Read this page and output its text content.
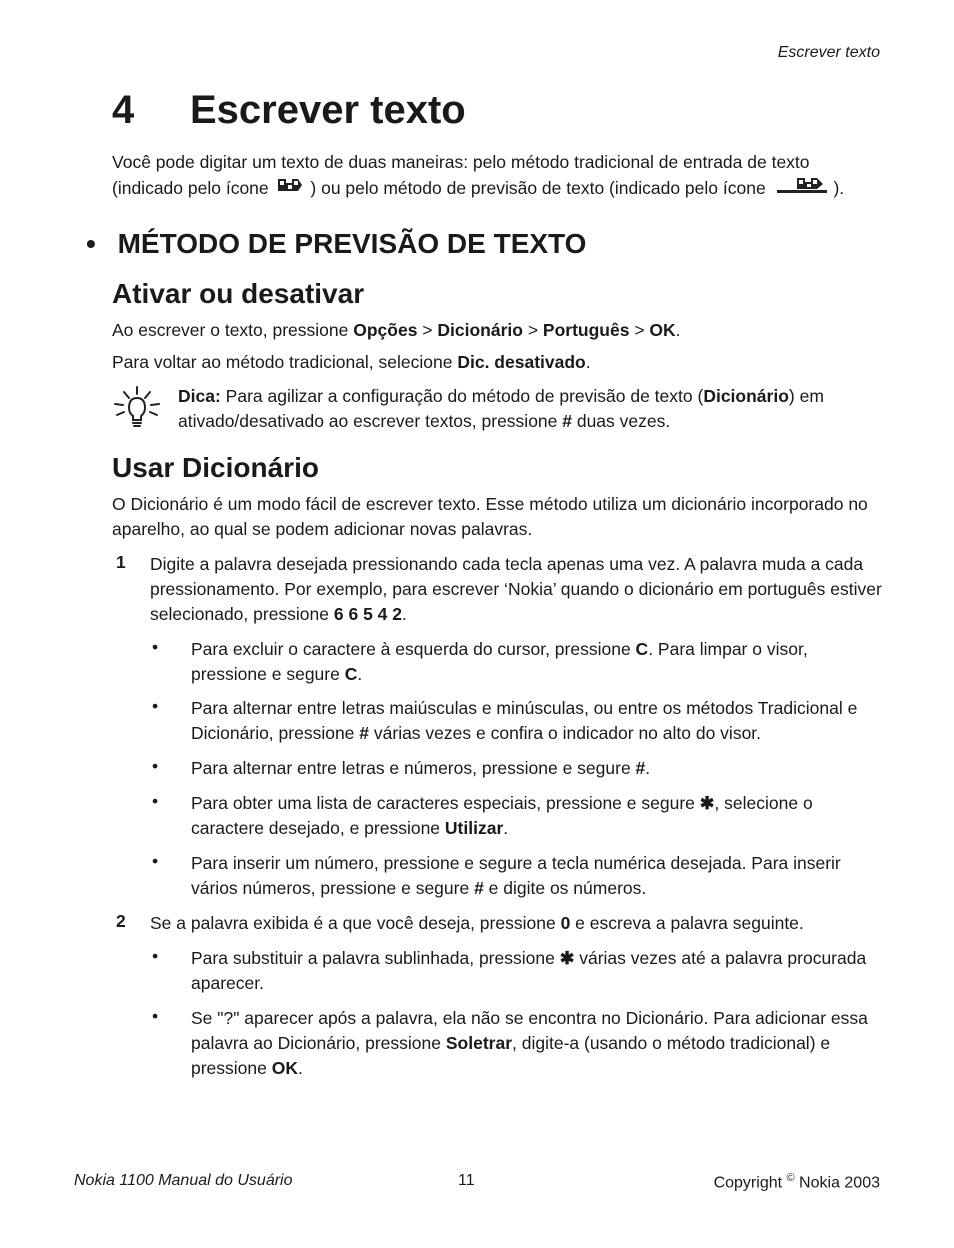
Escrever texto
4 Escrever texto
Você pode digitar um texto de duas maneiras: pelo método tradicional de entrada de texto (indicado pelo ícone ) ou pelo método de previsão de texto (indicado pelo ícone	).
• MÉTODO DE PREVISÃO DE TEXTO
Ativar ou desativar
Ao escrever o texto, pressione Opções > Dicionário > Português > OK.
Para voltar ao método tradicional, selecione Dic. desativado.
Dica: Para agilizar a configuração do método de previsão de texto (Dicionário) em ativado/desativado ao escrever textos, pressione # duas vezes.
Usar Dicionário
O Dicionário é um modo fácil de escrever texto. Esse método utiliza um dicionário incorporado no aparelho, ao qual se podem adicionar novas palavras.
1 Digite a palavra desejada pressionando cada tecla apenas uma vez. A palavra muda a cada pressionamento. Por exemplo, para escrever ‘Nokia’ quando o dicionário em português estiver selecionado, pressione 6 6 5 4 2.
• Para excluir o caractere à esquerda do cursor, pressione C. Para limpar o visor, pressione e segure C.
• Para alternar entre letras maiúsculas e minúsculas, ou entre os métodos Tradicional e Dicionário, pressione # várias vezes e confira o indicador no alto do visor.
• Para alternar entre letras e números, pressione e segure #.
• Para obter uma lista de caracteres especiais, pressione e segure ✱, selecione o caractere desejado, e pressione Utilizar.
• Para inserir um número, pressione e segure a tecla numérica desejada. Para inserir vários números, pressione e segure # e digite os números.
2 Se a palavra exibida é a que você deseja, pressione 0 e escreva a palavra seguinte.
• Para substituir a palavra sublinhada, pressione ✱ várias vezes até a palavra procurada aparecer.
• Se "?" aparecer após a palavra, ela não se encontra no Dicionário. Para adicionar essa palavra ao Dicionário, pressione Soletrar, digite-a (usando o método tradicional) e pressione OK.
Nokia 1100 Manual do Usuário	11	Copyright © Nokia 2003
